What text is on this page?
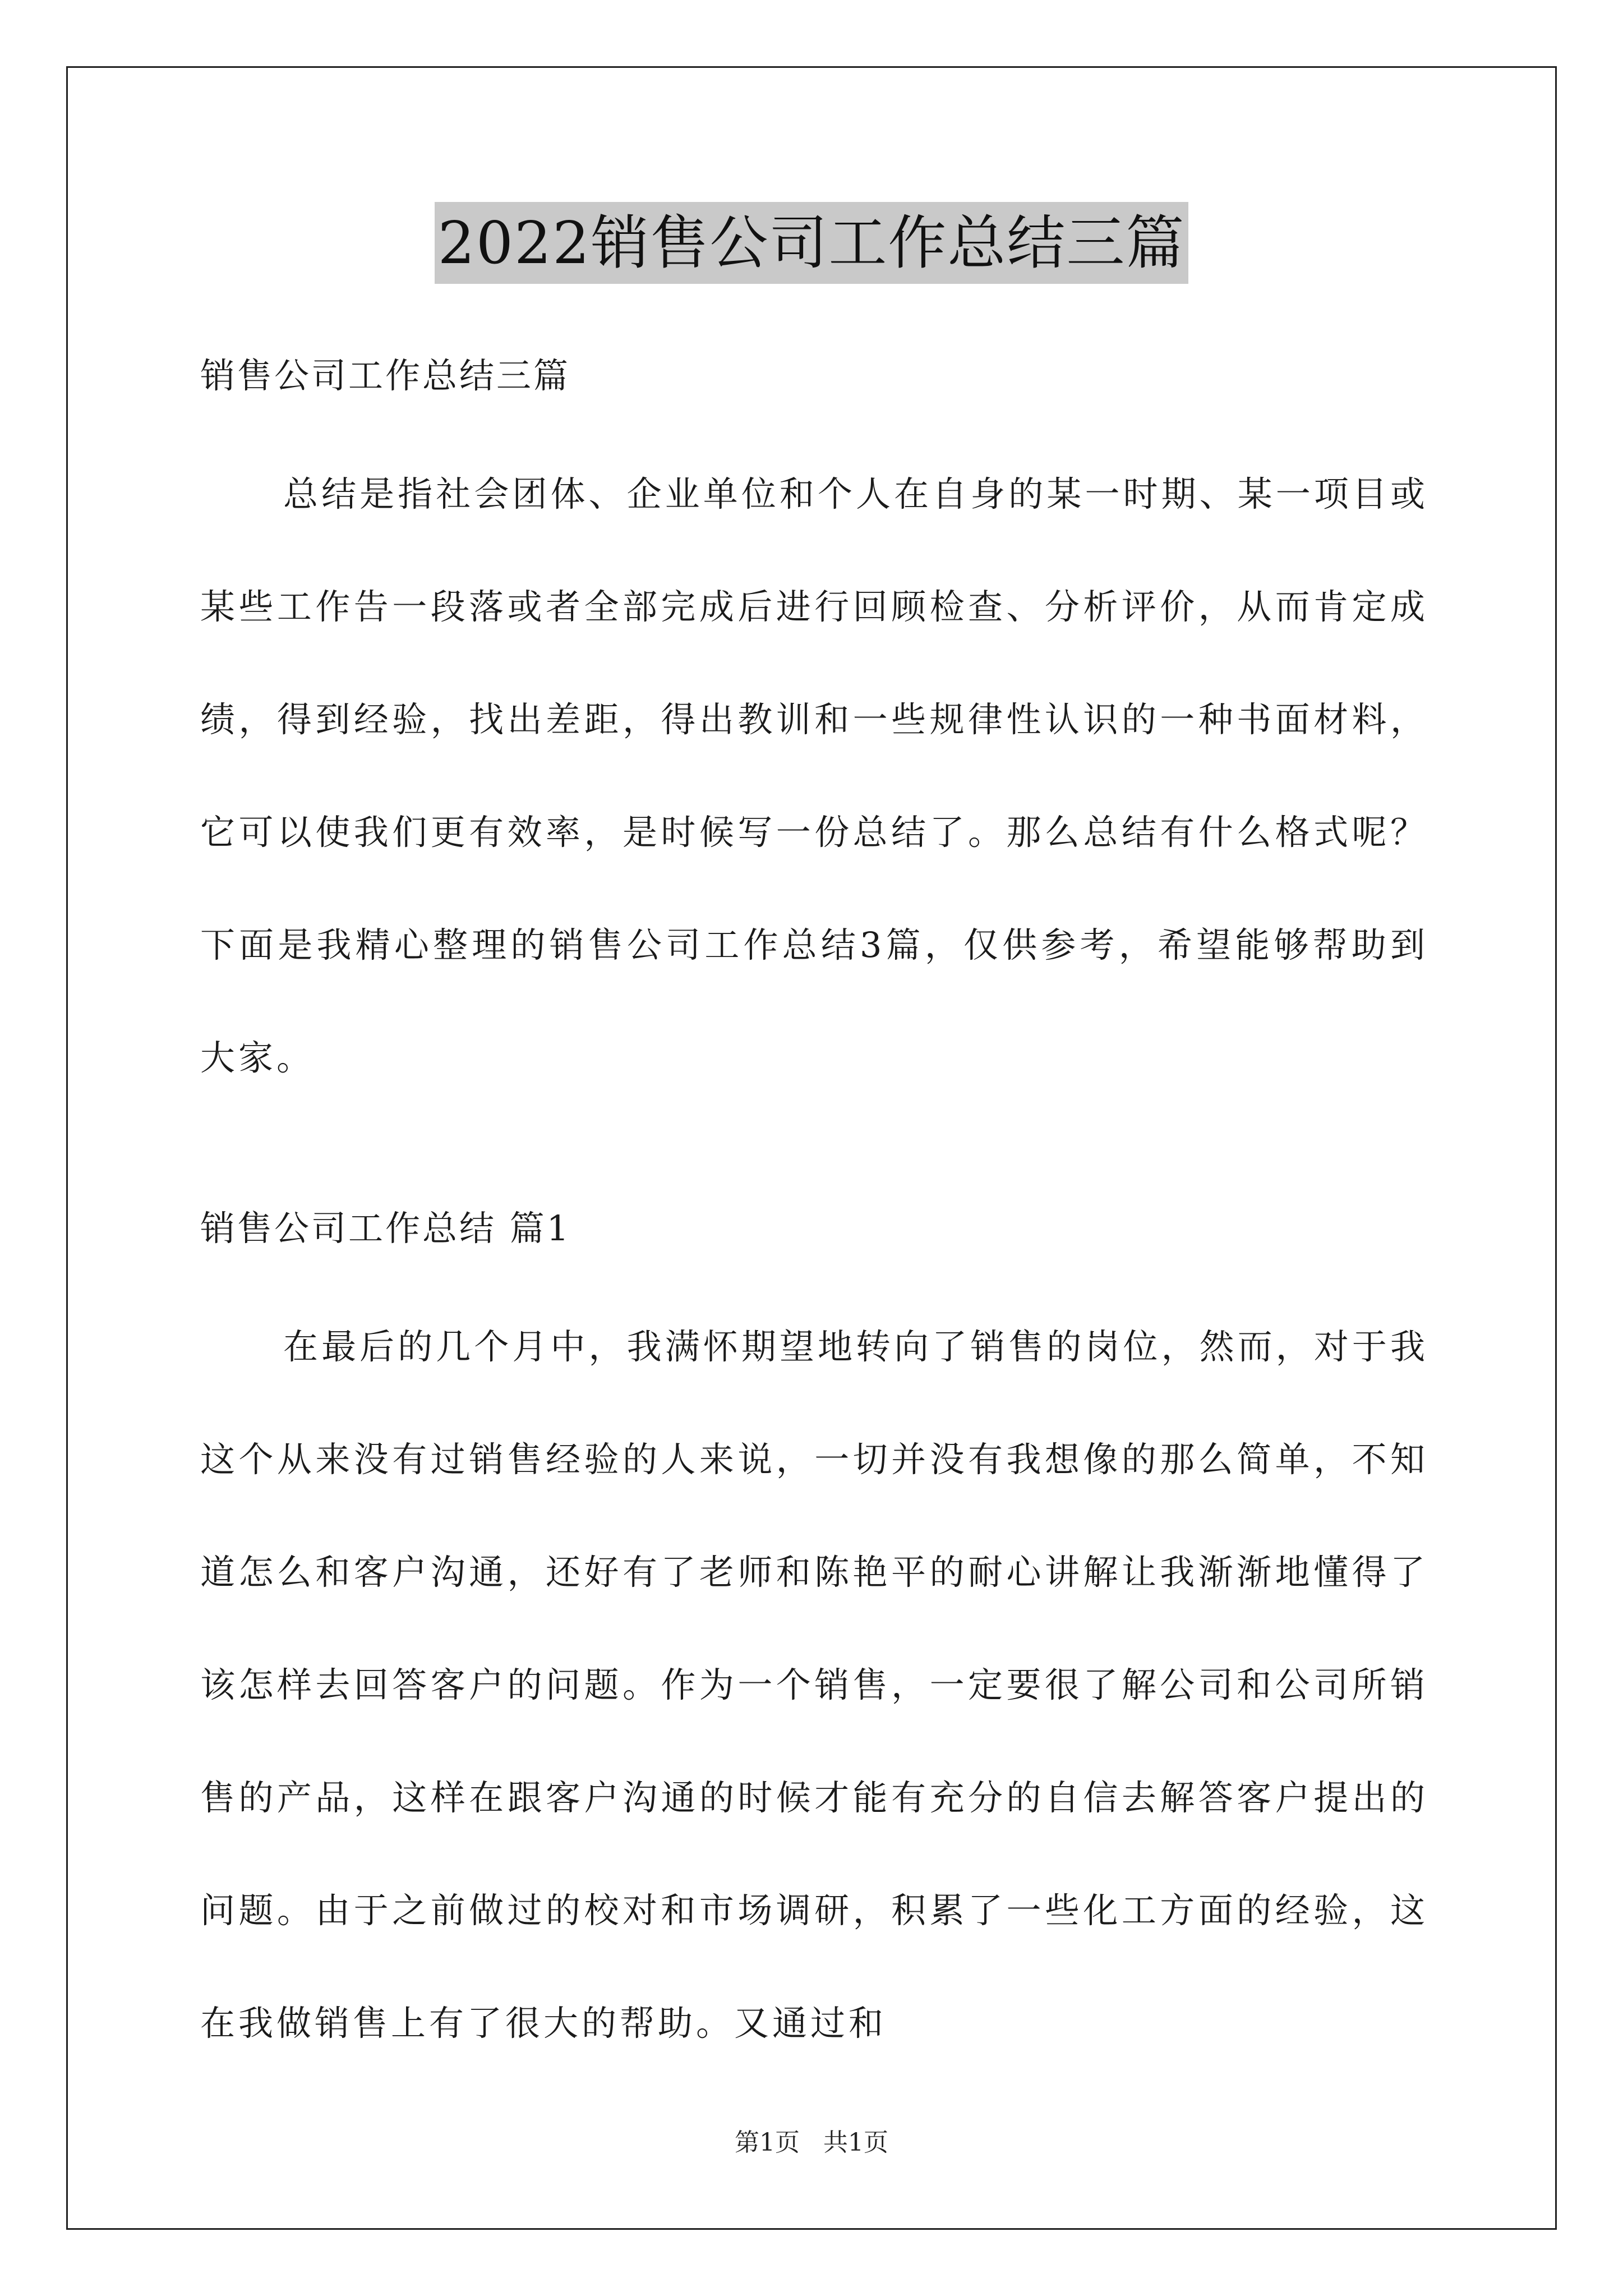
2022销售公司工作总结三篇
销售公司工作总结三篇
总结是指社会团体、企业单位和个人在自身的某一时期、某一项目或某些工作告一段落或者全部完成后进行回顾检查、分析评价，从而肯定成绩，得到经验，找出差距，得出教训和一些规律性认识的一种书面材料，它可以使我们更有效率，是时候写一份总结了。那么总结有什么格式呢？下面是我精心整理的销售公司工作总结3篇，仅供参考，希望能够帮助到大家。
销售公司工作总结 篇1
在最后的几个月中，我满怀期望地转向了销售的岗位，然而，对于我这个从来没有过销售经验的人来说，一切并没有我想像的那么简单，不知道怎么和客户沟通，还好有了老师和陈艳平的耐心讲解让我渐渐地懂得了该怎样去回答客户的问题。作为一个销售，一定要很了解公司和公司所销售的产品，这样在跟客户沟通的时候才能有充分的自信去解答客户提出的问题。由于之前做过的校对和市场调研，积累了一些化工方面的经验，这在我做销售上有了很大的帮助。又通过和
第1页   共1页
